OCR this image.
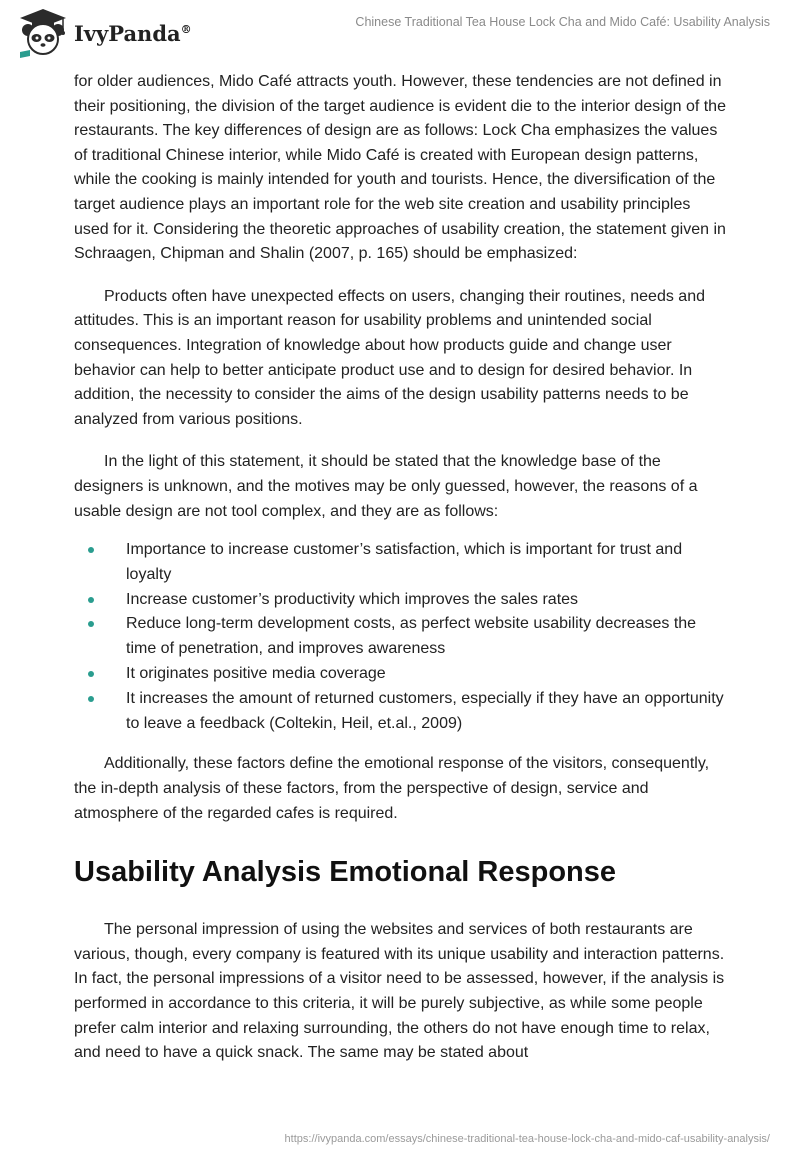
IvyPanda®	Chinese Traditional Tea House Lock Cha and Mido Café: Usability Analysis

for older audiences, Mido Café attracts youth. However, these tendencies are not defined in their positioning, the division of the target audience is evident die to the interior design of the restaurants. The key differences of design are as follows: Lock Cha emphasizes the values of traditional Chinese interior, while Mido Café is created with European design patterns, while the cooking is mainly intended for youth and tourists. Hence, the diversification of the target audience plays an important role for the web site creation and usability principles used for it. Considering the theoretic approaches of usability creation, the statement given in Schraagen, Chipman and Shalin (2007, p. 165) should be emphasized:

Products often have unexpected effects on users, changing their routines, needs and attitudes. This is an important reason for usability problems and unintended social consequences. Integration of knowledge about how products guide and change user behavior can help to better anticipate product use and to design for desired behavior. In addition, the necessity to consider the aims of the design usability patterns needs to be analyzed from various positions.

In the light of this statement, it should be stated that the knowledge base of the designers is unknown, and the motives may be only guessed, however, the reasons of a usable design are not tool complex, and they are as follows:

Importance to increase customer’s satisfaction, which is important for trust and loyalty
Increase customer’s productivity which improves the sales rates
Reduce long-term development costs, as perfect website usability decreases the time of penetration, and improves awareness
It originates positive media coverage
It increases the amount of returned customers, especially if they have an opportunity to leave a feedback (Coltekin, Heil, et.al., 2009)

Additionally, these factors define the emotional response of the visitors, consequently, the in-depth analysis of these factors, from the perspective of design, service and atmosphere of the regarded cafes is required.

Usability Analysis Emotional Response

The personal impression of using the websites and services of both restaurants are various, though, every company is featured with its unique usability and interaction patterns. In fact, the personal impressions of a visitor need to be assessed, however, if the analysis is performed in accordance to this criteria, it will be purely subjective, as while some people prefer calm interior and relaxing surrounding, the others do not have enough time to relax, and need to have a quick snack. The same may be stated about

https://ivypanda.com/essays/chinese-traditional-tea-house-lock-cha-and-mido-caf-usability-analysis/
